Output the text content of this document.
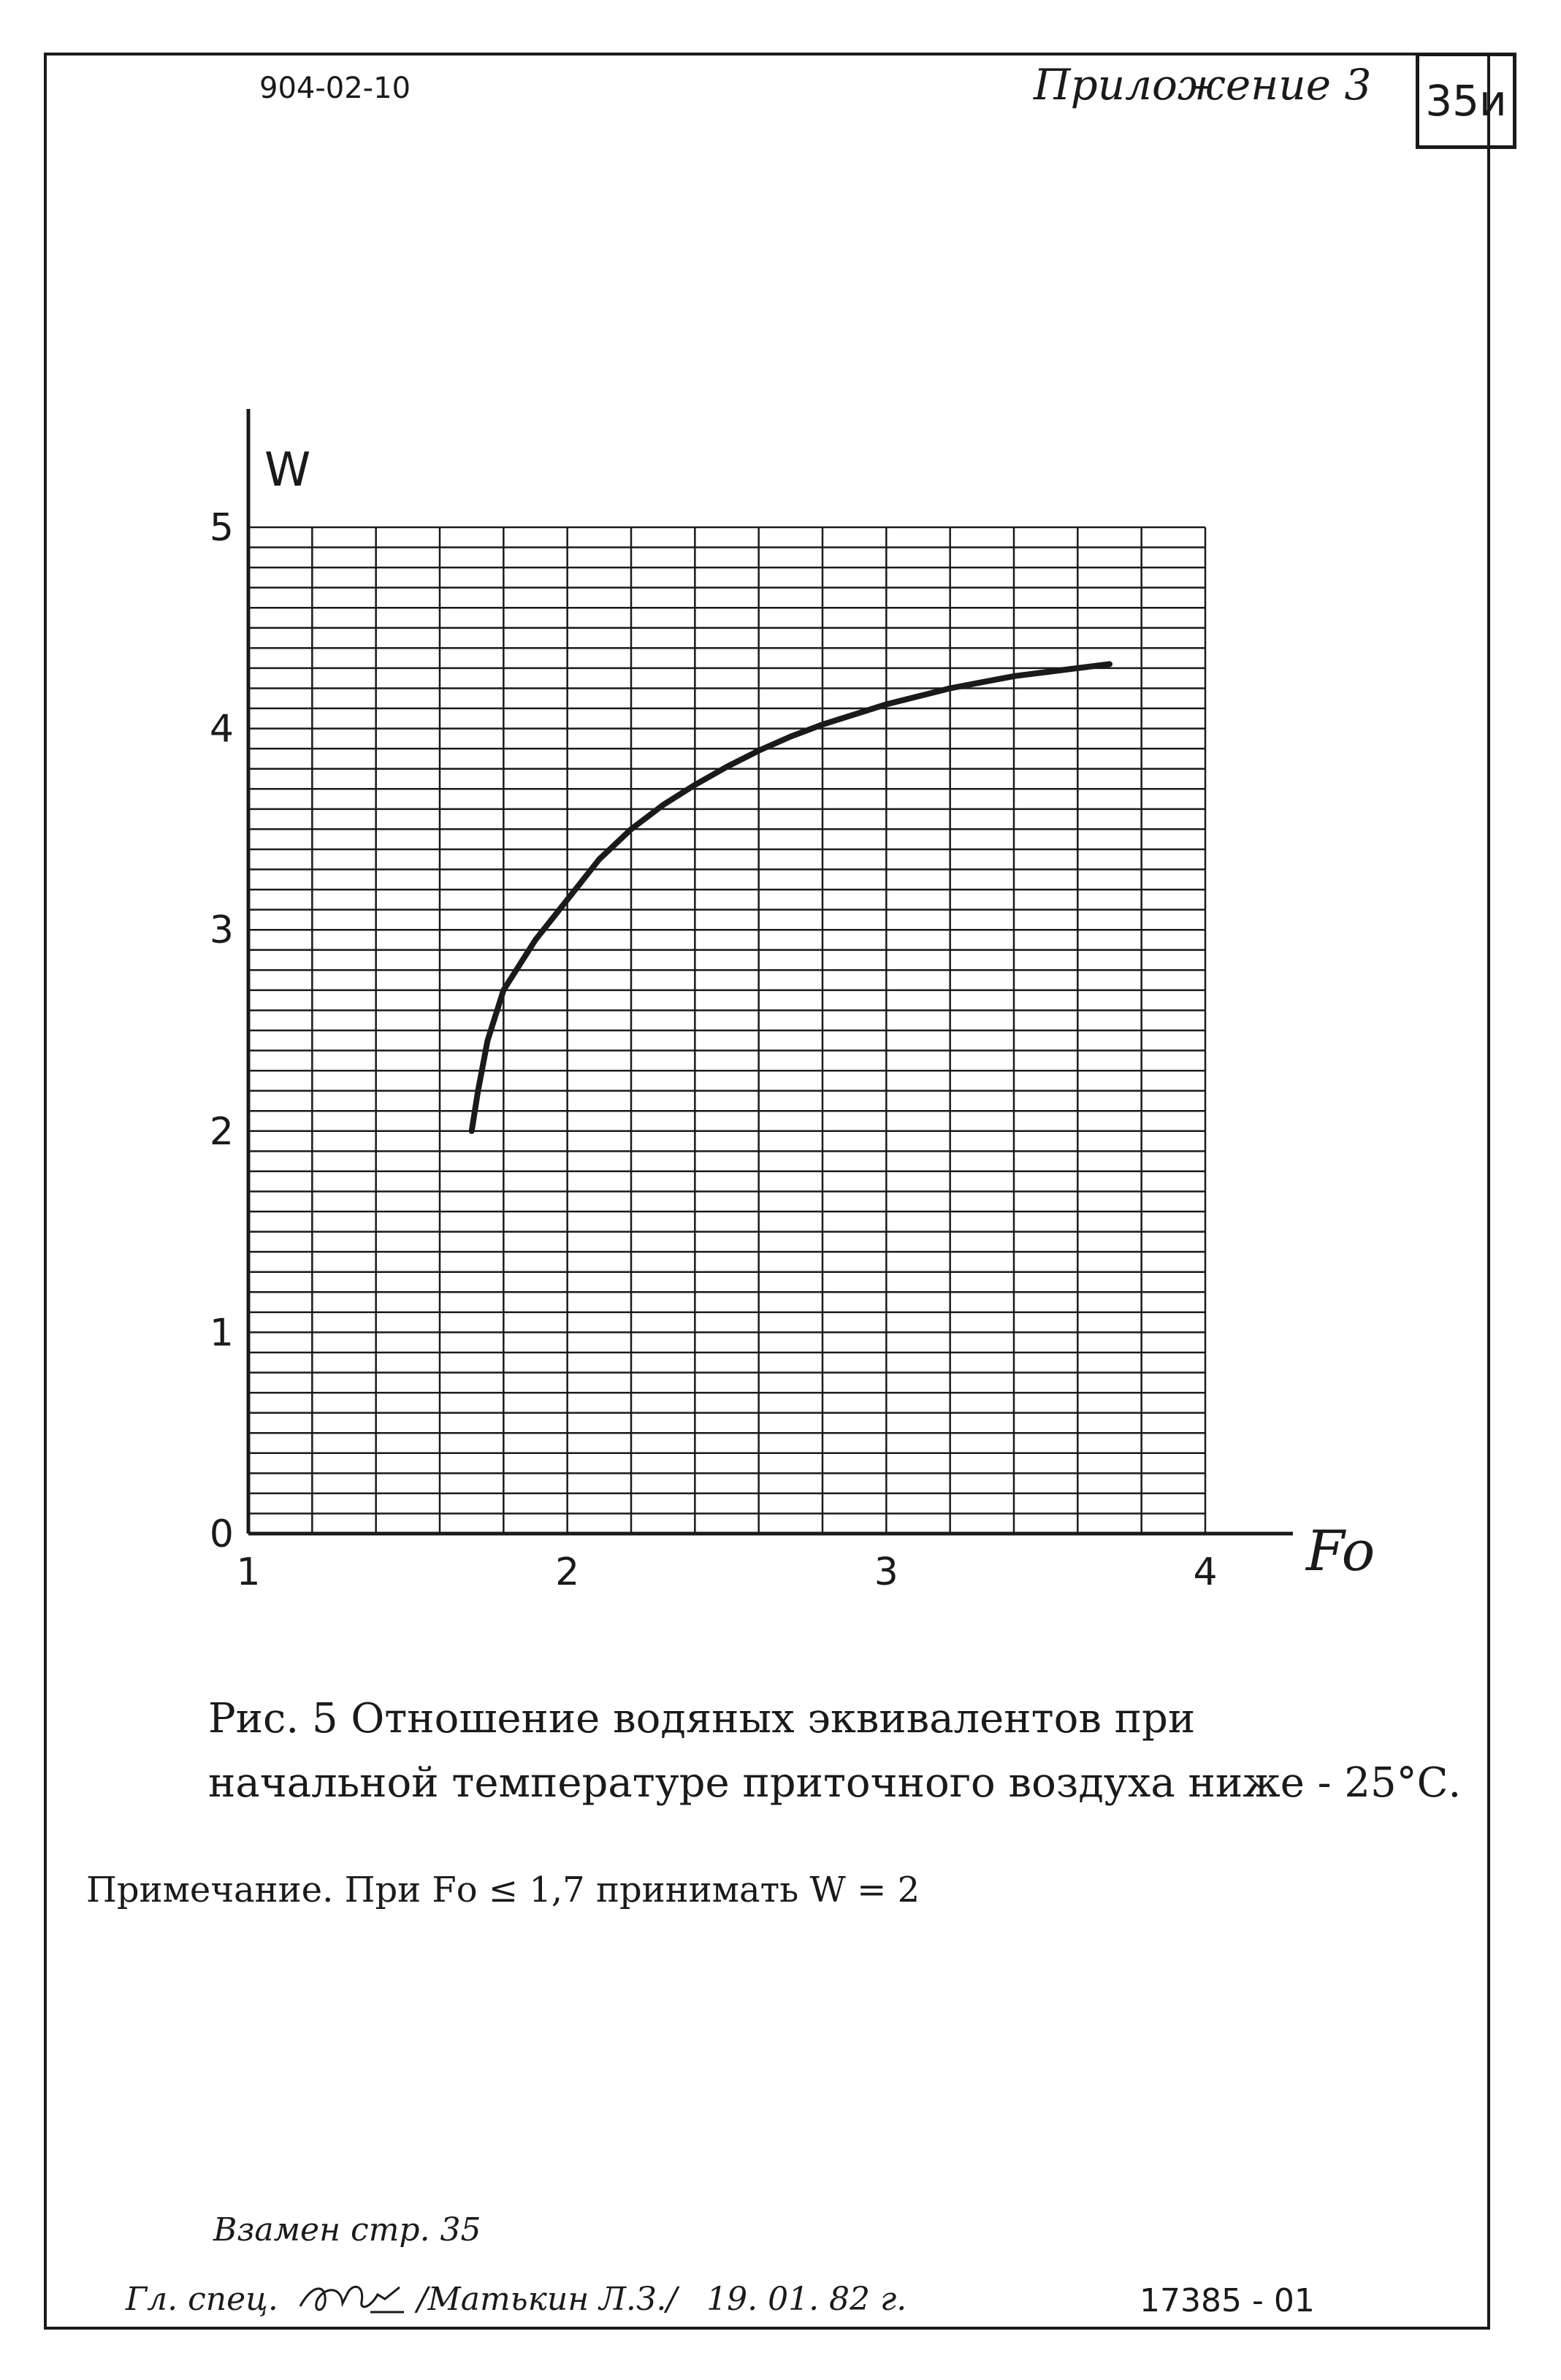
904-02-10	Приложение 3 35и
1	2	3	4
0
1
2
3
4
5
W
Fo
Рис. 5 Отношение водяных эквивалентов при
начальной температуре приточного воздуха ниже - 25°С.
Примечание. При Fо ≤ 1,7 принимать W = 2
Взамен стр. 35
Гл. спец.	/Матькин Л.З./ 19. 01. 82 г.	17385 - 01
